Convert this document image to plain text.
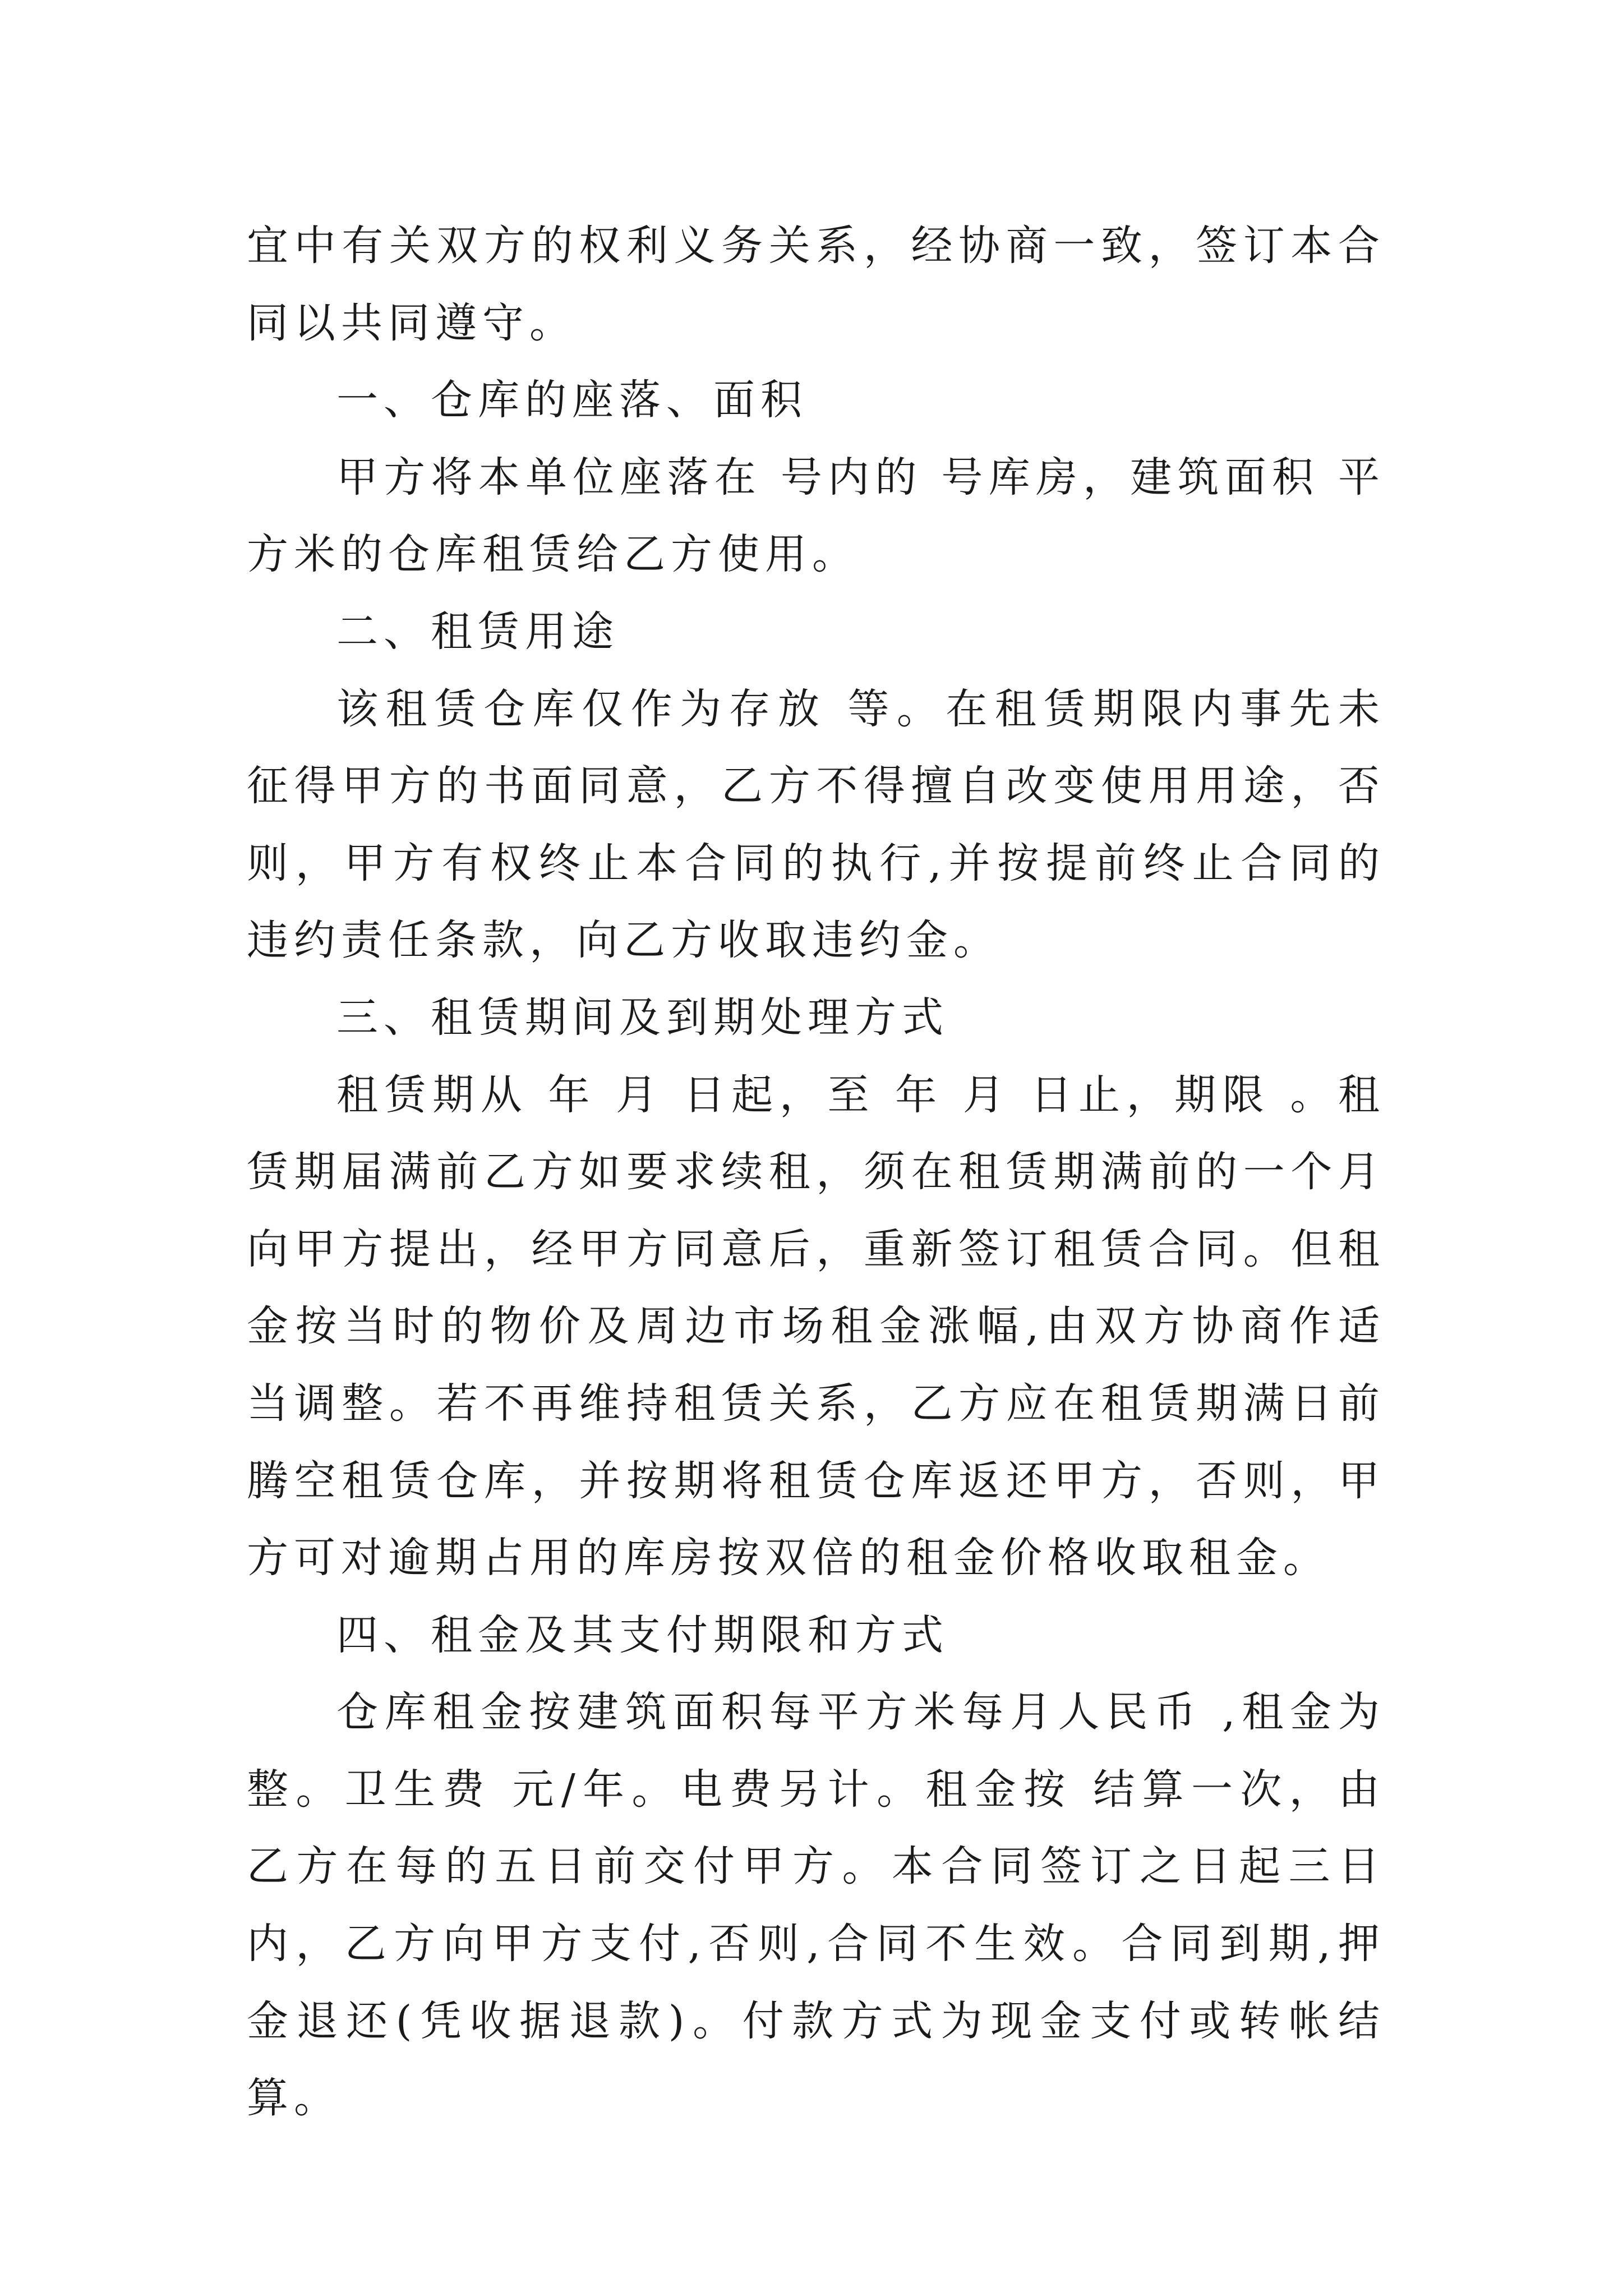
宜中有关双方的权利义务关系，经协商一致，签订本合同以共同遵守。

一、仓库的座落、面积

甲方将本单位座落在 号内的 号库房，建筑面积 平方米的仓库租赁给乙方使用。

二、租赁用途

该租赁仓库仅作为存放 等。在租赁期限内事先未征得甲方的书面同意，乙方不得擅自改变使用用途，否则，甲方有权终止本合同的执行,并按提前终止合同的违约责任条款，向乙方收取违约金。

三、租赁期间及到期处理方式

租赁期从 年 月 日起，至 年 月 日止，期限 。租赁期届满前乙方如要求续租，须在租赁期满前的一个月向甲方提出，经甲方同意后，重新签订租赁合同。但租金按当时的物价及周边市场租金涨幅,由双方协商作适当调整。若不再维持租赁关系，乙方应在租赁期满日前腾空租赁仓库，并按期将租赁仓库返还甲方，否则，甲方可对逾期占用的库房按双倍的租金价格收取租金。

四、租金及其支付期限和方式

仓库租金按建筑面积每平方米每月人民币 ,租金为 整。卫生费 元/年。电费另计。租金按 结算一次，由乙方在每的五日前交付甲方。本合同签订之日起三日内，乙方向甲方支付,否则,合同不生效。合同到期,押金退还(凭收据退款)。付款方式为现金支付或转帐结算。
